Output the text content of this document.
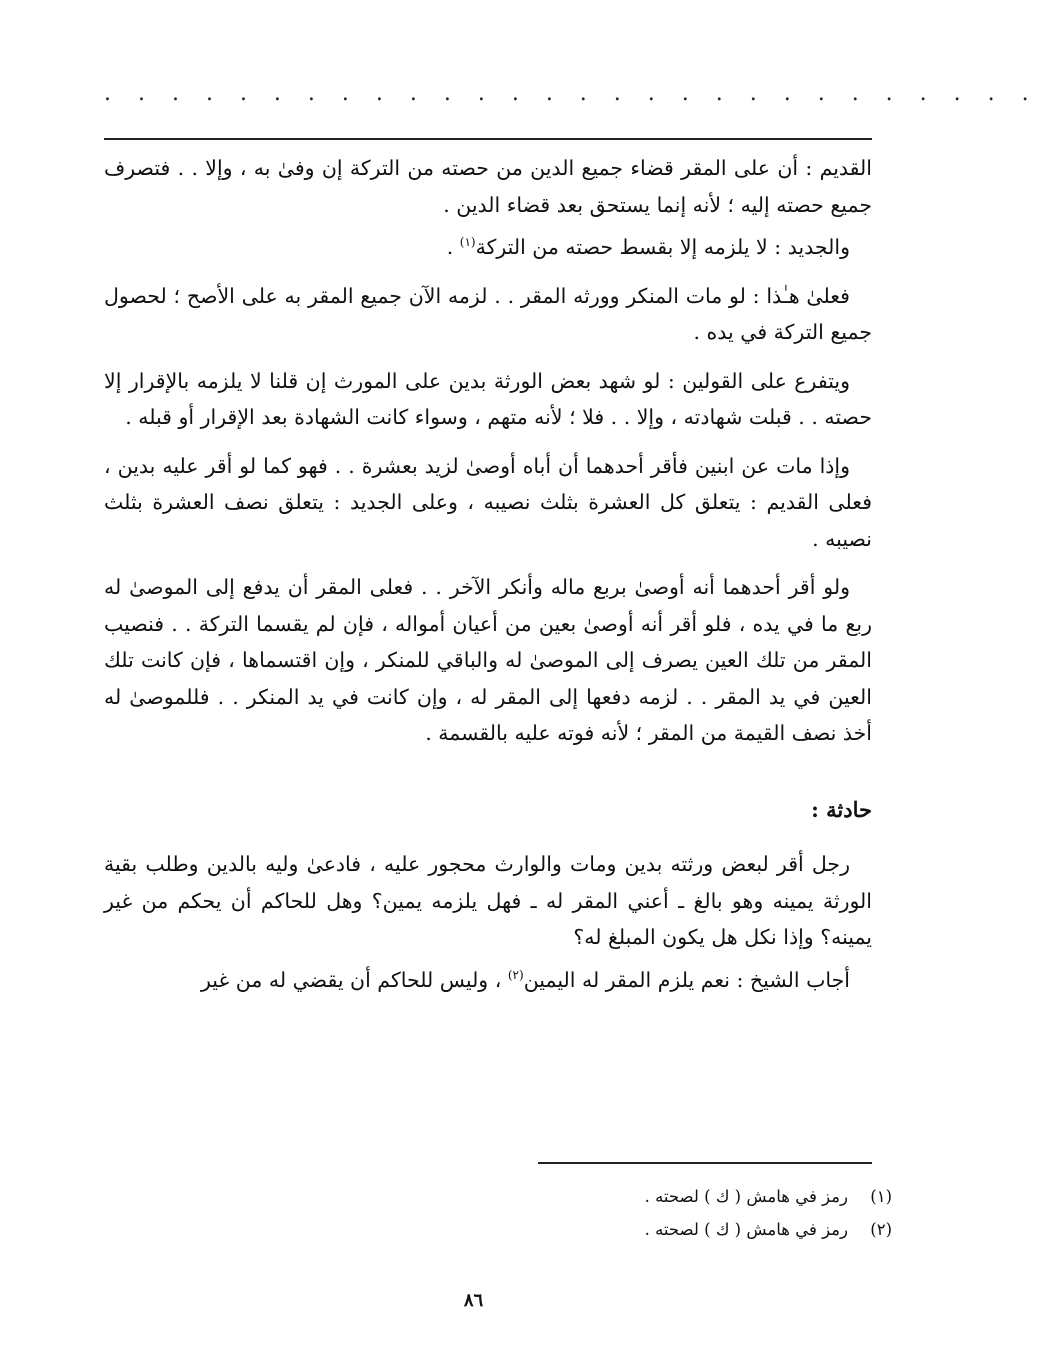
. . . . . . . . . . . . . . . . . . . . . . . . . . . .

القديم : أن على المقر قضاء جميع الدين من حصته من التركة إن وفىٰ به ، وإلا . . فتصرف جميع حصته إليه ؛ لأنه إنما يستحق بعد قضاء الدين .

والجديد : لا يلزمه إلا بقسط حصته من التركة$^{(١)}$ .

فعلىٰ هـٰذا : لو مات المنكر وورثه المقر . . لزمه الآن جميع المقر به على الأصح ؛ لحصول جميع التركة في يده .

ويتفرع على القولين : لو شهد بعض الورثة بدين على المورث إن قلنا لا يلزمه بالإقرار إلا حصته . . قبلت شهادته ، وإلا . . فلا ؛ لأنه متهم ، وسواء كانت الشهادة بعد الإقرار أو قبله .

وإذا مات عن ابنين فأقر أحدهما أن أباه أوصىٰ لزيد بعشرة . . فهو كما لو أقر عليه بدين ، فعلى القديم : يتعلق كل العشرة بثلث نصيبه ، وعلى الجديد : يتعلق نصف العشرة بثلث نصيبه .

ولو أقر أحدهما أنه أوصىٰ بربع ماله وأنكر الآخر . . فعلى المقر أن يدفع إلى الموصىٰ له ربع ما في يده ، فلو أقر أنه أوصىٰ بعين من أعيان أمواله ، فإن لم يقسما التركة . . فنصيب المقر من تلك العين يصرف إلى الموصىٰ له والباقي للمنكر ، وإن اقتسماها ، فإن كانت تلك العين في يد المقر . . لزمه دفعها إلى المقر له ، وإن كانت في يد المنكر . . فللموصىٰ له أخذ نصف القيمة من المقر ؛ لأنه فوته عليه بالقسمة .

حادثة :

رجل أقر لبعض ورثته بدين ومات والوارث محجور عليه ، فادعىٰ وليه بالدين وطلب بقية الورثة يمينه وهو بالغ ـ أعني المقر له ـ فهل يلزمه يمين؟ وهل للحاكم أن يحكم من غير يمينه؟ وإذا نكل هل يكون المبلغ له؟

أجاب الشيخ : نعم يلزم المقر له اليمين$^{(٢)}$ ، وليس للحاكم أن يقضي له من غير

(١)رمز في هامش ( ك ) لصحته .
(٢)رمز في هامش ( ك ) لصحته .
٨٦
